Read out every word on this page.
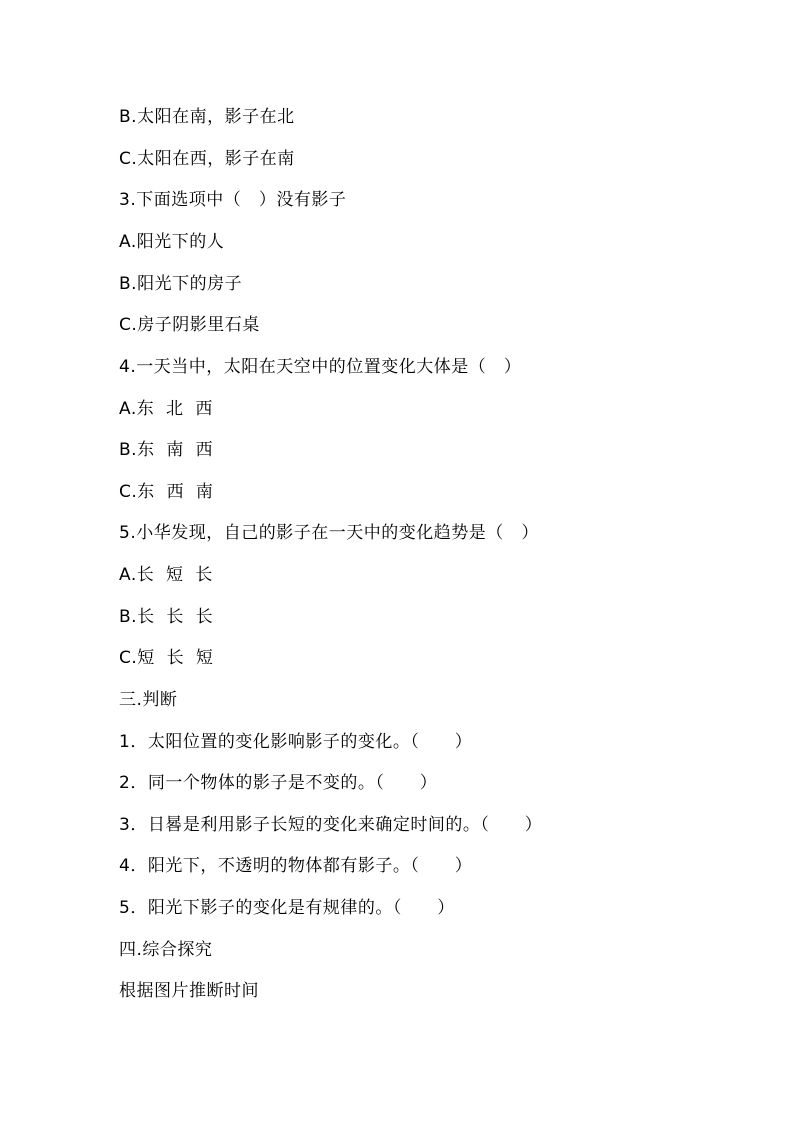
B.太阳在南，影子在北
C.太阳在西，影子在南
3.下面选项中（   ）没有影子
A.阳光下的人
B.阳光下的房子
C.房子阴影里石桌
4.一天当中，太阳在天空中的位置变化大体是（   ）
A.东  北  西
B.东  南  西
C.东  西  南
5.小华发现，自己的影子在一天中的变化趋势是（   ）
A.长  短  长
B.长  长  长
C.短  长  短
三.判断
1．太阳位置的变化影响影子的变化。（      ）
2．同一个物体的影子是不变的。（      ）
3．日晷是利用影子长短的变化来确定时间的。（      ）
4．阳光下，不透明的物体都有影子。（      ）
5．阳光下影子的变化是有规律的。（      ）
四.综合探究
根据图片推断时间
